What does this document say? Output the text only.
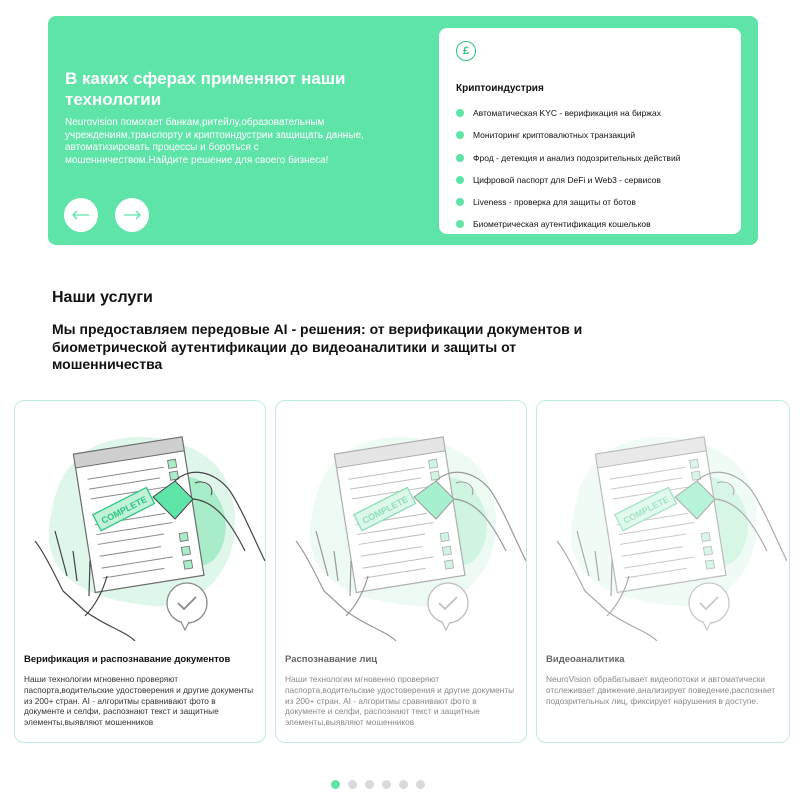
В каких сферах применяют наши технологии

Neurovision помогает банкам,ритейлу,образовательным учреждениям,транспорту и криптоиндустрии защищать данные, автоматизировать процессы и бороться с мошенничеством.Найдите решение для своего бизнеса!

£
Криптоиндустрия
Автоматическая KYC - верификация на биржах
Мониторинг криптовалютных транзакций
Фрод - детекция и анализ подозрительных действий
Цифровой паспорт для DeFi и Web3 - сервисов
Liveness - проверка для защиты от ботов
Биометрическая аутентификация кошельков
Наши услуги

Мы предоставляем передовые AI - решения: от верификации документов и биометрической аутентификации до видеоаналитики и защиты от мошенничества

Верификация и распознавание документов

Наши технологии мгновенно проверяют паспорта,водительские удостоверения и другие документы из 200+ стран. AI - алгоритмы сравнивают фото в документе и селфи, распознают текст и защитные элементы,выявляют мошенников

Распознавание лиц

Наши технологии мгновенно проверяют паспорта,водительские удостоверения и другие документы из 200+ стран. AI - алгоритмы сравнивают фото в документе и селфи, распознают текст и защитные элементы,выявляют мошенников

Видеоаналитика

NeuroVision обрабатывает видеопотоки и автоматически отслеживает движение,анализирует поведение,распознает подозрительных лиц, фиксирует нарушения в доступе.
